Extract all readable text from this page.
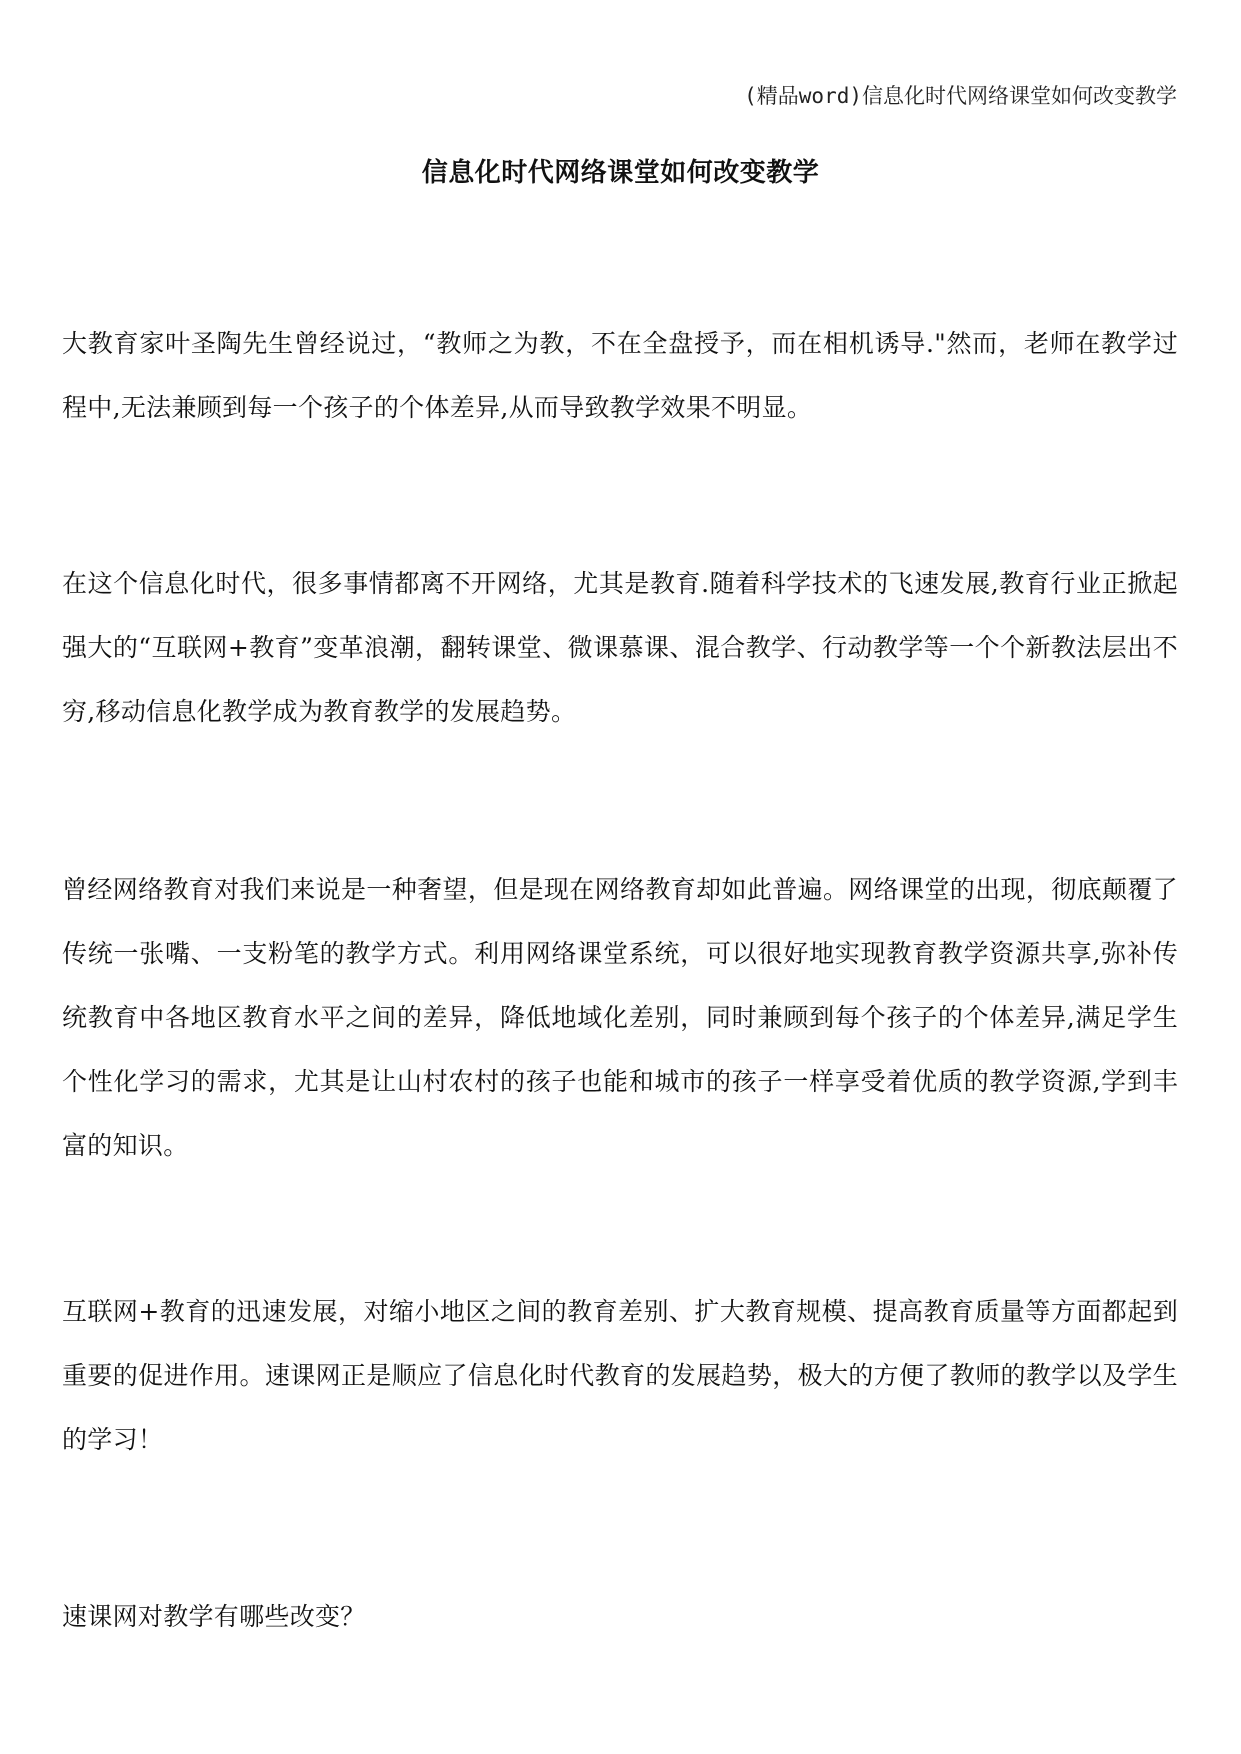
(精品word)信息化时代网络课堂如何改变教学
信息化时代网络课堂如何改变教学

大教育家叶圣陶先生曾经说过，“教师之为教，不在全盘授予，而在相机诱导."然而，老师在教学过程中,无法兼顾到每一个孩子的个体差异,从而导致教学效果不明显。

在这个信息化时代，很多事情都离不开网络，尤其是教育.随着科学技术的飞速发展,教育行业正掀起强大的“互联网+教育”变革浪潮，翻转课堂、微课慕课、混合教学、行动教学等一个个新教法层出不穷,移动信息化教学成为教育教学的发展趋势。

曾经网络教育对我们来说是一种奢望，但是现在网络教育却如此普遍。网络课堂的出现，彻底颠覆了传统一张嘴、一支粉笔的教学方式。利用网络课堂系统，可以很好地实现教育教学资源共享,弥补传统教育中各地区教育水平之间的差异，降低地域化差别，同时兼顾到每个孩子的个体差异,满足学生个性化学习的需求，尤其是让山村农村的孩子也能和城市的孩子一样享受着优质的教学资源,学到丰富的知识。

互联网+教育的迅速发展，对缩小地区之间的教育差别、扩大教育规模、提高教育质量等方面都起到重要的促进作用。速课网正是顺应了信息化时代教育的发展趋势，极大的方便了教师的教学以及学生的学习！

速课网对教学有哪些改变？
